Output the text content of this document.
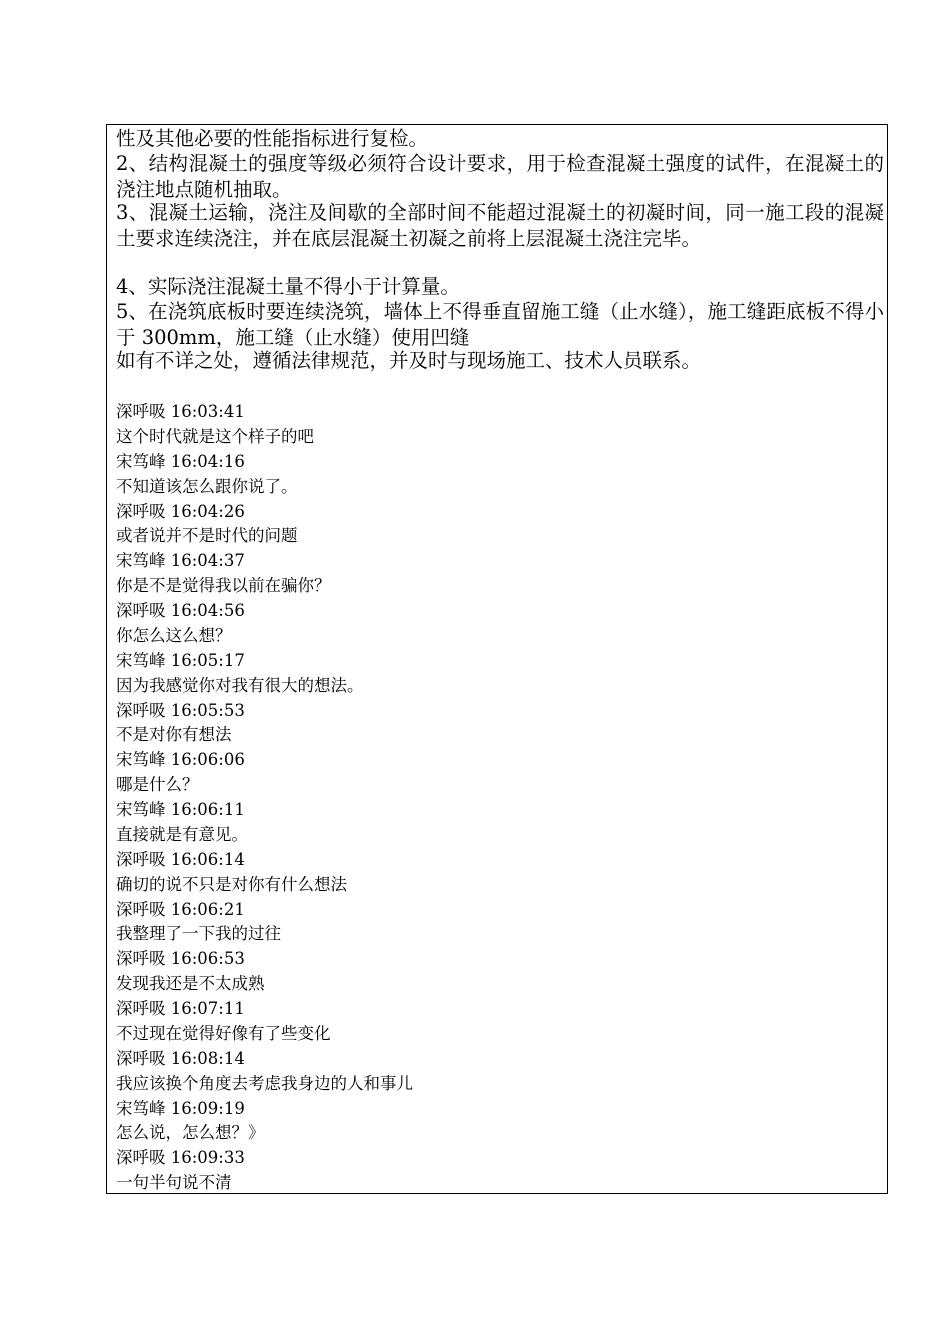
性及其他必要的性能指标进行复检。

2、结构混凝土的强度等级必须符合设计要求，用于检查混凝土强度的试件，在混凝土的浇注地点随机抽取。

3、混凝土运输，浇注及间歇的全部时间不能超过混凝土的初凝时间，同一施工段的混凝土要求连续浇注，并在底层混凝土初凝之前将上层混凝土浇注完毕。

4、实际浇注混凝土量不得小于计算量。

5、在浇筑底板时要连续浇筑，墙体上不得垂直留施工缝（止水缝），施工缝距底板不得小于 300mm，施工缝（止水缝）使用凹缝

如有不详之处，遵循法律规范，并及时与现场施工、技术人员联系。

深呼吸 16:03:41
这个时代就是这个样子的吧
宋笃峰 16:04:16
不知道该怎么跟你说了。
深呼吸 16:04:26
或者说并不是时代的问题
宋笃峰 16:04:37
你是不是觉得我以前在骗你？
深呼吸 16:04:56
你怎么这么想？
宋笃峰 16:05:17
因为我感觉你对我有很大的想法。
深呼吸 16:05:53
不是对你有想法
宋笃峰 16:06:06
哪是什么？
宋笃峰 16:06:11
直接就是有意见。
深呼吸 16:06:14
确切的说不只是对你有什么想法
深呼吸 16:06:21
我整理了一下我的过往
深呼吸 16:06:53
发现我还是不太成熟
深呼吸 16:07:11
不过现在觉得好像有了些变化
深呼吸 16:08:14
我应该换个角度去考虑我身边的人和事儿
宋笃峰 16:09:19
怎么说，怎么想？》
深呼吸 16:09:33
一句半句说不清
